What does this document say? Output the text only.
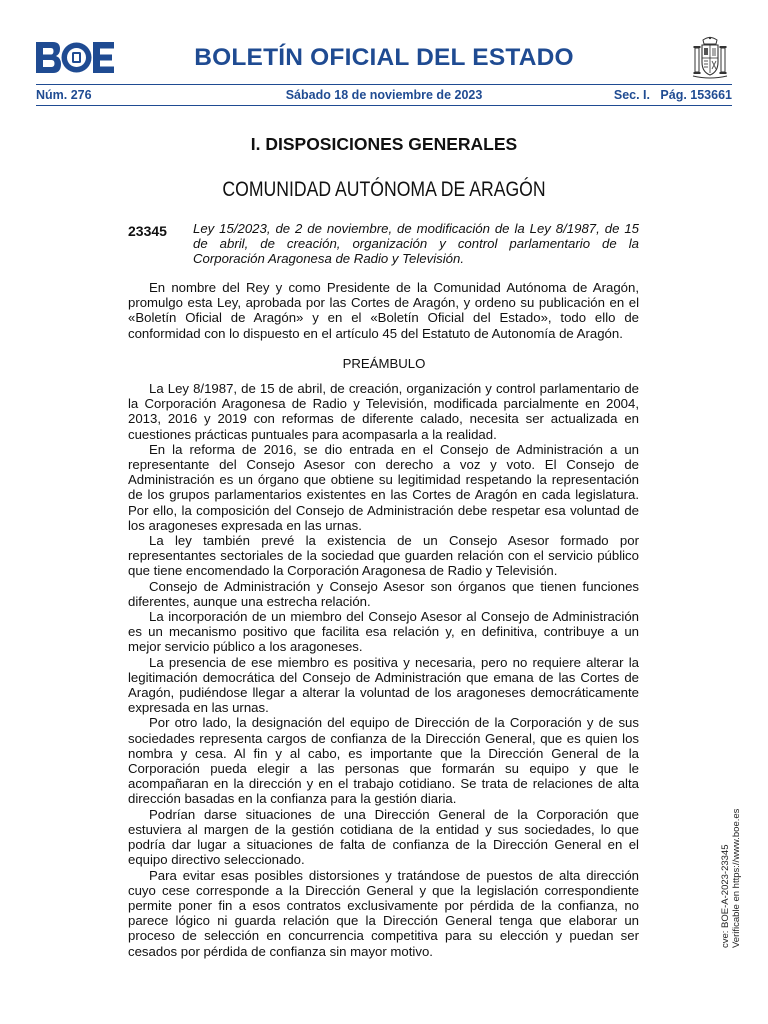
BOLETÍN OFICIAL DEL ESTADO
Núm. 276	Sábado 18 de noviembre de 2023	Sec. I.   Pág. 153661
I. DISPOSICIONES GENERALES
COMUNIDAD AUTÓNOMA DE ARAGÓN
23345 Ley 15/2023, de 2 de noviembre, de modificación de la Ley 8/1987, de 15 de abril, de creación, organización y control parlamentario de la Corporación Aragonesa de Radio y Televisión.

En nombre del Rey y como Presidente de la Comunidad Autónoma de Aragón, promulgo esta Ley, aprobada por las Cortes de Aragón, y ordeno su publicación en el «Boletín Oficial de Aragón» y en el «Boletín Oficial del Estado», todo ello de conformidad con lo dispuesto en el artículo 45 del Estatuto de Autonomía de Aragón.

PREÁMBULO

La Ley 8/1987, de 15 de abril, de creación, organización y control parlamentario de la Corporación Aragonesa de Radio y Televisión, modificada parcialmente en 2004, 2013, 2016 y 2019 con reformas de diferente calado, necesita ser actualizada en cuestiones prácticas puntuales para acompasarla a la realidad.

En la reforma de 2016, se dio entrada en el Consejo de Administración a un representante del Consejo Asesor con derecho a voz y voto. El Consejo de Administración es un órgano que obtiene su legitimidad respetando la representación de los grupos parlamentarios existentes en las Cortes de Aragón en cada legislatura. Por ello, la composición del Consejo de Administración debe respetar esa voluntad de los aragoneses expresada en las urnas.

La ley también prevé la existencia de un Consejo Asesor formado por representantes sectoriales de la sociedad que guarden relación con el servicio público que tiene encomendado la Corporación Aragonesa de Radio y Televisión.

Consejo de Administración y Consejo Asesor son órganos que tienen funciones diferentes, aunque una estrecha relación.

La incorporación de un miembro del Consejo Asesor al Consejo de Administración es un mecanismo positivo que facilita esa relación y, en definitiva, contribuye a un mejor servicio público a los aragoneses.

La presencia de ese miembro es positiva y necesaria, pero no requiere alterar la legitimación democrática del Consejo de Administración que emana de las Cortes de Aragón, pudiéndose llegar a alterar la voluntad de los aragoneses democráticamente expresada en las urnas.

Por otro lado, la designación del equipo de Dirección de la Corporación y de sus sociedades representa cargos de confianza de la Dirección General, que es quien los nombra y cesa. Al fin y al cabo, es importante que la Dirección General de la Corporación pueda elegir a las personas que formarán su equipo y que le acompañaran en la dirección y en el trabajo cotidiano. Se trata de relaciones de alta dirección basadas en la confianza para la gestión diaria.

Podrían darse situaciones de una Dirección General de la Corporación que estuviera al margen de la gestión cotidiana de la entidad y sus sociedades, lo que podría dar lugar a situaciones de falta de confianza de la Dirección General en el equipo directivo seleccionado.

Para evitar esas posibles distorsiones y tratándose de puestos de alta dirección cuyo cese corresponde a la Dirección General y que la legislación correspondiente permite poner fin a esos contratos exclusivamente por pérdida de la confianza, no parece lógico ni guarda relación que la Dirección General tenga que elaborar un proceso de selección en concurrencia competitiva para su elección y puedan ser cesados por pérdida de confianza sin mayor motivo.

cve: BOE-A-2023-23345 Verificable en https://www.boe.es
